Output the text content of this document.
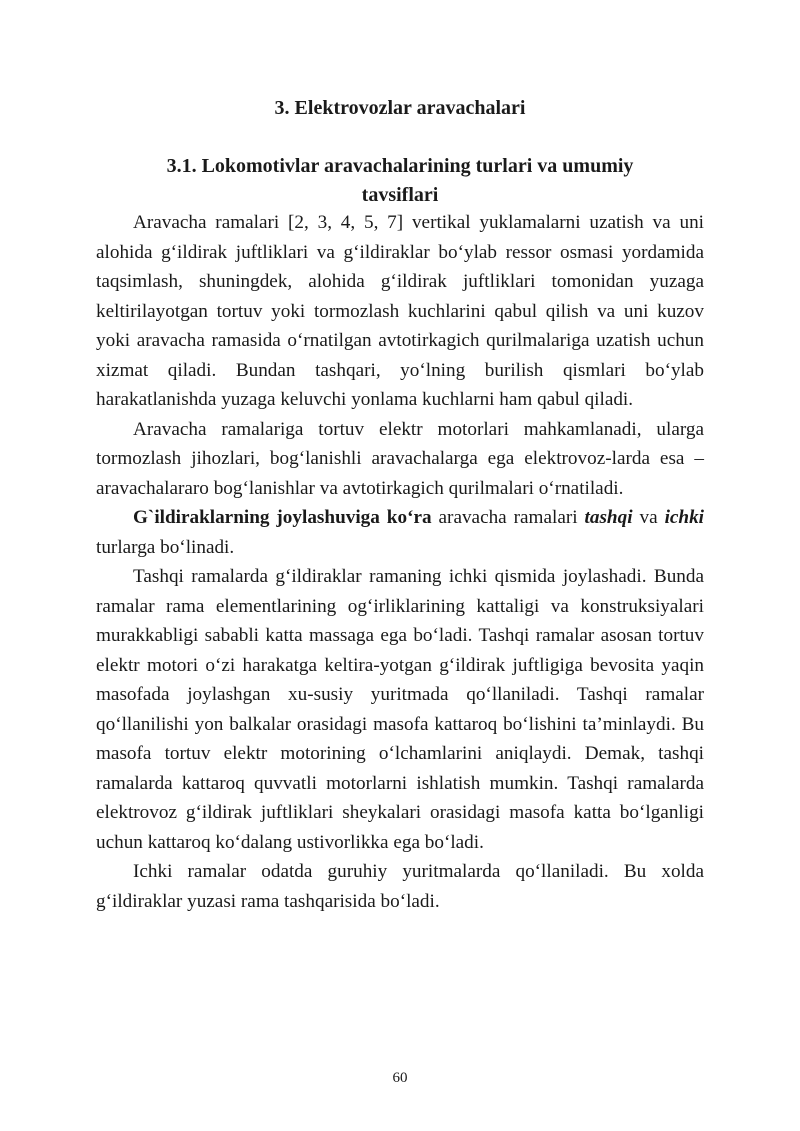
3. Elektrovozlar aravachalari
3.1. Lokomotivlar aravachalarining turlari va umumiy tavsiflari

Aravacha ramalari [2, 3, 4, 5, 7] vertikal yuklamalarni uzatish va uni alohida g‘ildirak juftliklari va g‘ildiraklar bo‘ylab ressor osmasi yordamida taqsimlash, shuningdek, alohida g‘ildirak juftliklari tomonidan yuzaga keltirilayotgan tortuv yoki tormozlash kuchlarini qabul qilish va uni kuzov yoki aravacha ramasida o‘rnatilgan avtotirkagich qurilmalariga uzatish uchun xizmat qiladi. Bundan tashqari, yo‘lning burilish qismlari bo‘ylab harakatlanishda yuzaga keluvchi yonlama kuchlarni ham qabul qiladi.

Aravacha ramalariga tortuv elektr motorlari mahkamlanadi, ularga tormozlash jihozlari, bog‘lanishli aravachalarga ega elektrovoz-larda esa – aravachalararo bog‘lanishlar va avtotirkagich qurilmalari o‘rnatiladi.

G`ildiraklarning joylashuviga ko‘ra aravacha ramalari tashqi va ichki turlarga bo‘linadi.

Tashqi ramalarda g‘ildiraklar ramaning ichki qismida joylashadi. Bunda ramalar rama elementlarining og‘irliklarining kattaligi va konstruksiyalari murakkabligi sababli katta massaga ega bo‘ladi. Tashqi ramalar asosan tortuv elektr motori o‘zi harakatga keltira-yotgan g‘ildirak juftligiga bevosita yaqin masofada joylashgan xu-susiy yuritmada qo‘llaniladi. Tashqi ramalar qo‘llanilishi yon balkalar orasidagi masofa kattaroq bo‘lishini ta’minlaydi. Bu masofa tortuv elektr motorining o‘lchamlarini aniqlaydi. Demak, tashqi ramalarda kattaroq quvvatli motorlarni ishlatish mumkin. Tashqi ramalarda elektrovoz g‘ildirak juftliklari sheykalari orasidagi masofa katta bo‘lganligi uchun kattaroq ko‘dalang ustivorlikka ega bo‘ladi.

Ichki ramalar odatda guruhiy yuritmalarda qo‘llaniladi. Bu xolda g‘ildiraklar yuzasi rama tashqarisida bo‘ladi.

60
